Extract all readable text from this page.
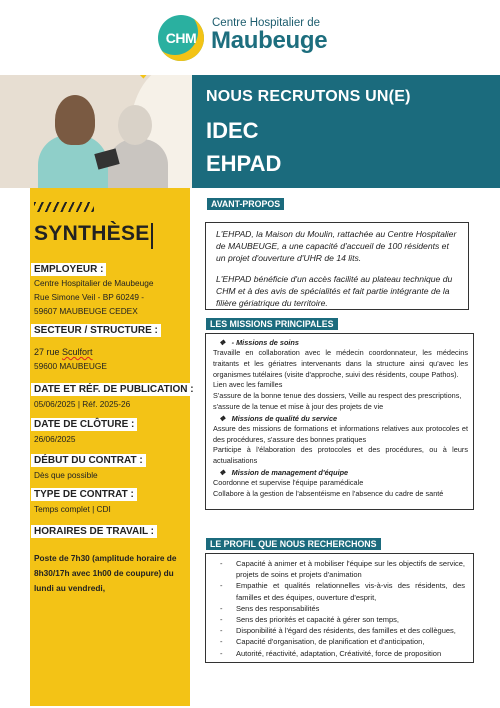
CHM
Centre Hospitalier de
Maubeuge
NOUS RECRUTONS UN(E)
IDEC
EHPAD
SYNTHÈSE
EMPLOYEUR :
Centre Hospitalier de Maubeuge
Rue Simone Veil - BP 60249 -
59607 MAUBEUGE CEDEX
SECTEUR / STRUCTURE :
27 rue Sculfort
59600 MAUBEUGE
DATE ET RÉF. DE PUBLICATION :
05/06/2025 | Réf. 2025-26
DATE DE CLÔTURE :
26/06/2025
DÉBUT DU CONTRAT :
Dès que possible
TYPE DE CONTRAT :
Temps complet | CDI
HORAIRES DE TRAVAIL :
Poste de 7h30 (amplitude horaire de 8h30/17h avec 1h00 de coupure) du lundi au vendredi,
AVANT-PROPOS

L'EHPAD, la Maison du Moulin, rattachée au Centre Hospitalier de MAUBEUGE, a une capacité d'accueil de 100 résidents et un projet d'ouverture d'UHR de 14 lits.

L'EHPAD bénéficie d'un accès facilité au plateau technique du CHM et à des avis de spécialités et fait partie intégrante de la filière gériatrique du territoire.

LES MISSIONS PRINCIPALES
❖ - Missions de soins
Travaille en collaboration avec le médecin coordonnateur, les médecins traitants et les gériatres intervenants dans la structure ainsi qu'avec les organismes tutélaires (visite d'approche, suivi des résidents, coupe Pathos).
Lien avec les familles
S'assure de la bonne tenue des dossiers, Veille au respect des prescriptions,
s'assure de la tenue et mise à jour des projets de vie
❖ Missions de qualité du service
Assure des missions de formations et informations relatives aux protocoles et des procédures, s'assure des bonnes pratiques
Participe à l'élaboration des protocoles et des procédures, ou à leurs actualisations
❖ Mission de management d'équipe
Coordonne et supervise l'équipe paramédicale
Collabore à la gestion de l'absentéisme en l'absence du cadre de santé
LE PROFIL QUE NOUS RECHERCHONS
- Capacité à animer et à mobiliser l'équipe sur les objectifs de service, projets de soins et projets d'animation
- Empathie et qualités relationnelles vis-à-vis des résidents, des familles et des équipes, ouverture d'esprit,
- Sens des responsabilités
- Sens des priorités et capacité à gérer son temps,
- Disponibilité à l'égard des résidents, des familles et des collègues,
- Capacité d'organisation, de planification et d'anticipation,
- Autorité, réactivité, adaptation, Créativité, force de proposition
